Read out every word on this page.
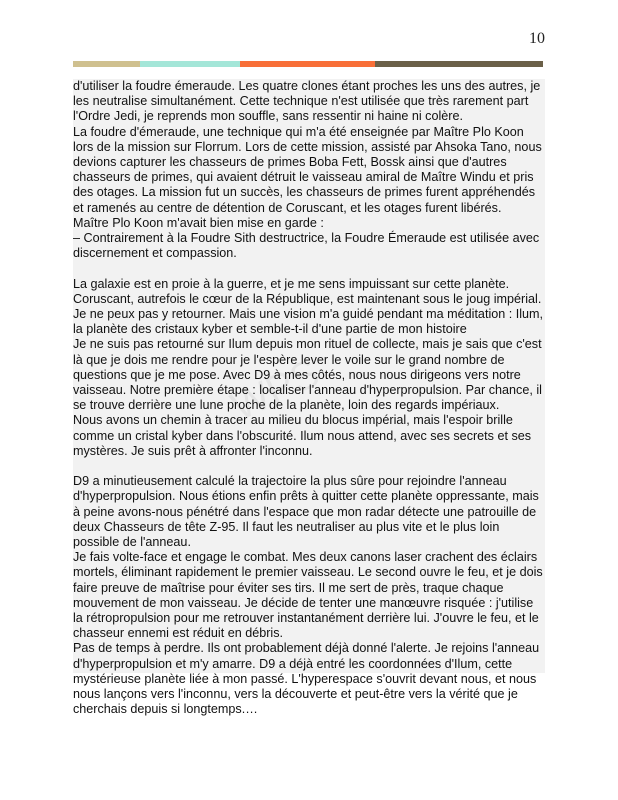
10

d'utiliser la foudre émeraude. Les quatre clones étant proches les uns des autres, je les neutralise simultanément. Cette technique n'est utilisée que très rarement part l'Ordre Jedi, je reprends mon souffle, sans ressentir ni haine ni colère.

La foudre d'émeraude, une technique qui m'a été enseignée par Maître Plo Koon lors de la mission sur Florrum. Lors de cette mission, assisté par Ahsoka Tano, nous devions capturer les chasseurs de primes Boba Fett, Bossk ainsi que d'autres chasseurs de primes, qui avaient détruit le vaisseau amiral de Maître Windu et pris des otages. La mission fut un succès, les chasseurs de primes furent appréhendés et ramenés au centre de détention de Coruscant, et les otages furent libérés.

Maître Plo Koon m'avait bien mise en garde :

– Contrairement à la Foudre Sith destructrice, la Foudre Émeraude est utilisée avec discernement et compassion.

La galaxie est en proie à la guerre, et je me sens impuissant sur cette planète. Coruscant, autrefois le cœur de la République, est maintenant sous le joug impérial. Je ne peux pas y retourner. Mais une vision m'a guidé pendant ma méditation : Ilum, la planète des cristaux kyber et semble-t-il d'une partie de mon histoire

Je ne suis pas retourné sur Ilum depuis mon rituel de collecte, mais je sais que c'est là que je dois me rendre pour je l'espère lever le voile sur le grand nombre de questions que je me pose. Avec D9 à mes côtés, nous nous dirigeons vers notre vaisseau. Notre première étape : localiser l'anneau d'hyperpropulsion. Par chance, il se trouve derrière une lune proche de la planète, loin des regards impériaux.

Nous avons un chemin à tracer au milieu du blocus impérial, mais l'espoir brille comme un cristal kyber dans l'obscurité. Ilum nous attend, avec ses secrets et ses mystères. Je suis prêt à affronter l'inconnu.

D9 a minutieusement calculé la trajectoire la plus sûre pour rejoindre l'anneau d'hyperpropulsion. Nous étions enfin prêts à quitter cette planète oppressante, mais à peine avons-nous pénétré dans l'espace que mon radar détecte une patrouille de deux Chasseurs de tête Z-95. Il faut les neutraliser au plus vite et le plus loin possible de l'anneau.

Je fais volte-face et engage le combat. Mes deux canons laser crachent des éclairs mortels, éliminant rapidement le premier vaisseau. Le second ouvre le feu, et je dois faire preuve de maîtrise pour éviter ses tirs. Il me sert de près, traque chaque mouvement de mon vaisseau. Je décide de tenter une manœuvre risquée : j'utilise la rétropropulsion pour me retrouver instantanément derrière lui. J'ouvre le feu, et le chasseur ennemi est réduit en débris.

Pas de temps à perdre. Ils ont probablement déjà donné l'alerte. Je rejoins l'anneau d'hyperpropulsion et m'y amarre. D9 a déjà entré les coordonnées d'Ilum, cette mystérieuse planète liée à mon passé. L'hyperespace s'ouvrit devant nous, et nous nous lançons vers l'inconnu, vers la découverte et peut-être vers la vérité que je cherchais depuis si longtemps.…
